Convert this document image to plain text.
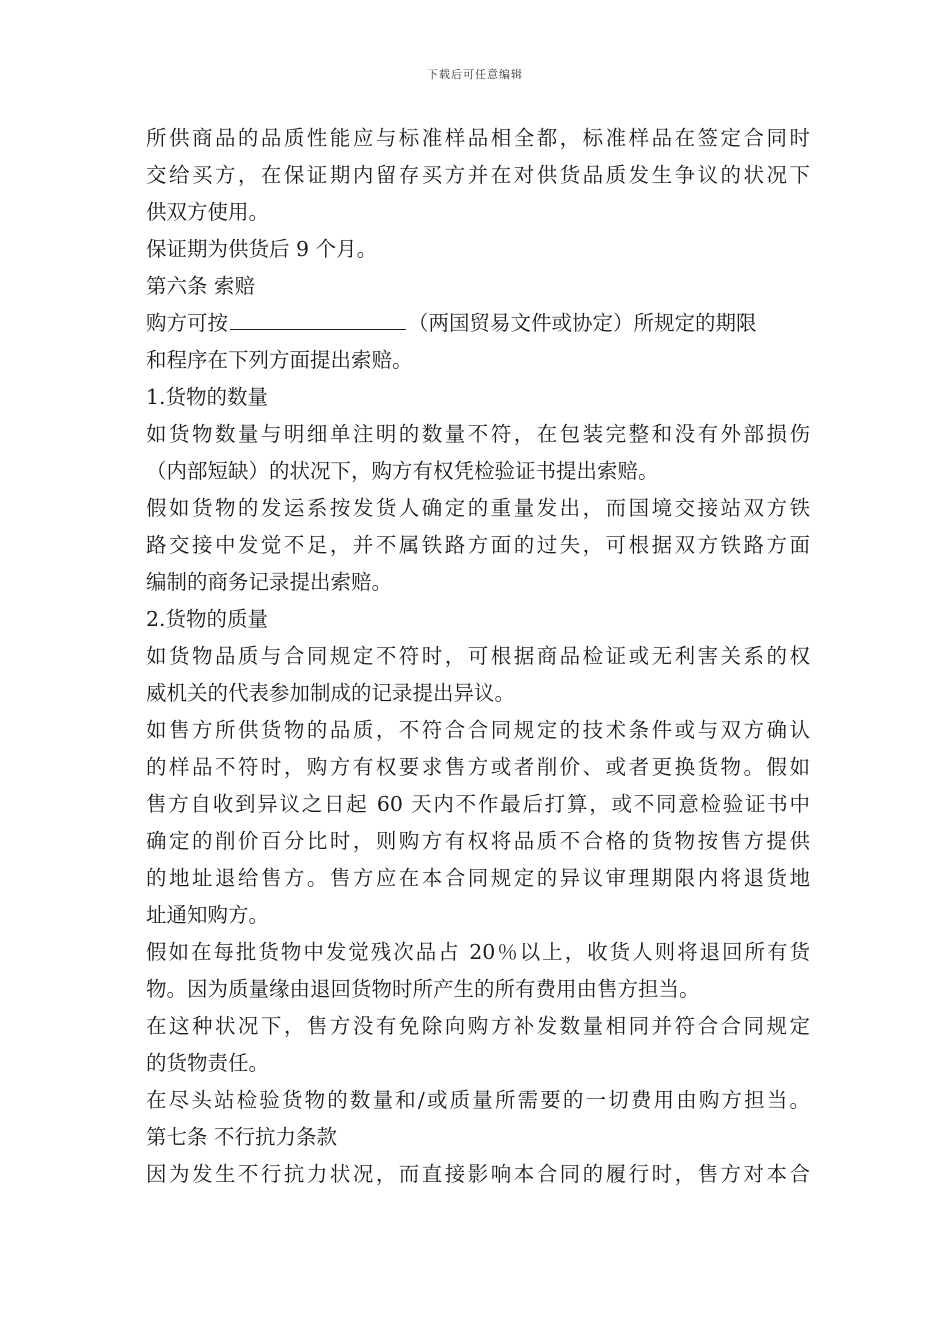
下载后可任意编辑
所供商品的品质性能应与标准样品相全都，标准样品在签定合同时
交给买方，在保证期内留存买方并在对供货品质发生争议的状况下
供双方使用。
保证期为供货后 9 个月。
第六条 索赔
购方可按	（两国贸易文件或协定）所规定的期限
和程序在下列方面提出索赔。
1.货物的数量
如货物数量与明细单注明的数量不符，在包装完整和没有外部损伤
（内部短缺）的状况下，购方有权凭检验证书提出索赔。
假如货物的发运系按发货人确定的重量发出，而国境交接站双方铁
路交接中发觉不足，并不属铁路方面的过失，可根据双方铁路方面
编制的商务记录提出索赔。
2.货物的质量
如货物品质与合同规定不符时，可根据商品检证或无利害关系的权
威机关的代表参加制成的记录提出异议。
如售方所供货物的品质，不符合合同规定的技术条件或与双方确认
的样品不符时，购方有权要求售方或者削价、或者更换货物。假如
售方自收到异议之日起 60 天内不作最后打算，或不同意检验证书中
确定的削价百分比时，则购方有权将品质不合格的货物按售方提供
的地址退给售方。售方应在本合同规定的异议审理期限内将退货地
址通知购方。
假如在每批货物中发觉残次品占 20％以上，收货人则将退回所有货
物。因为质量缘由退回货物时所产生的所有费用由售方担当。
在这种状况下，售方没有免除向购方补发数量相同并符合合同规定
的货物责任。
在尽头站检验货物的数量和/或质量所需要的一切费用由购方担当。
第七条 不行抗力条款
因为发生不行抗力状况，而直接影响本合同的履行时，售方对本合
